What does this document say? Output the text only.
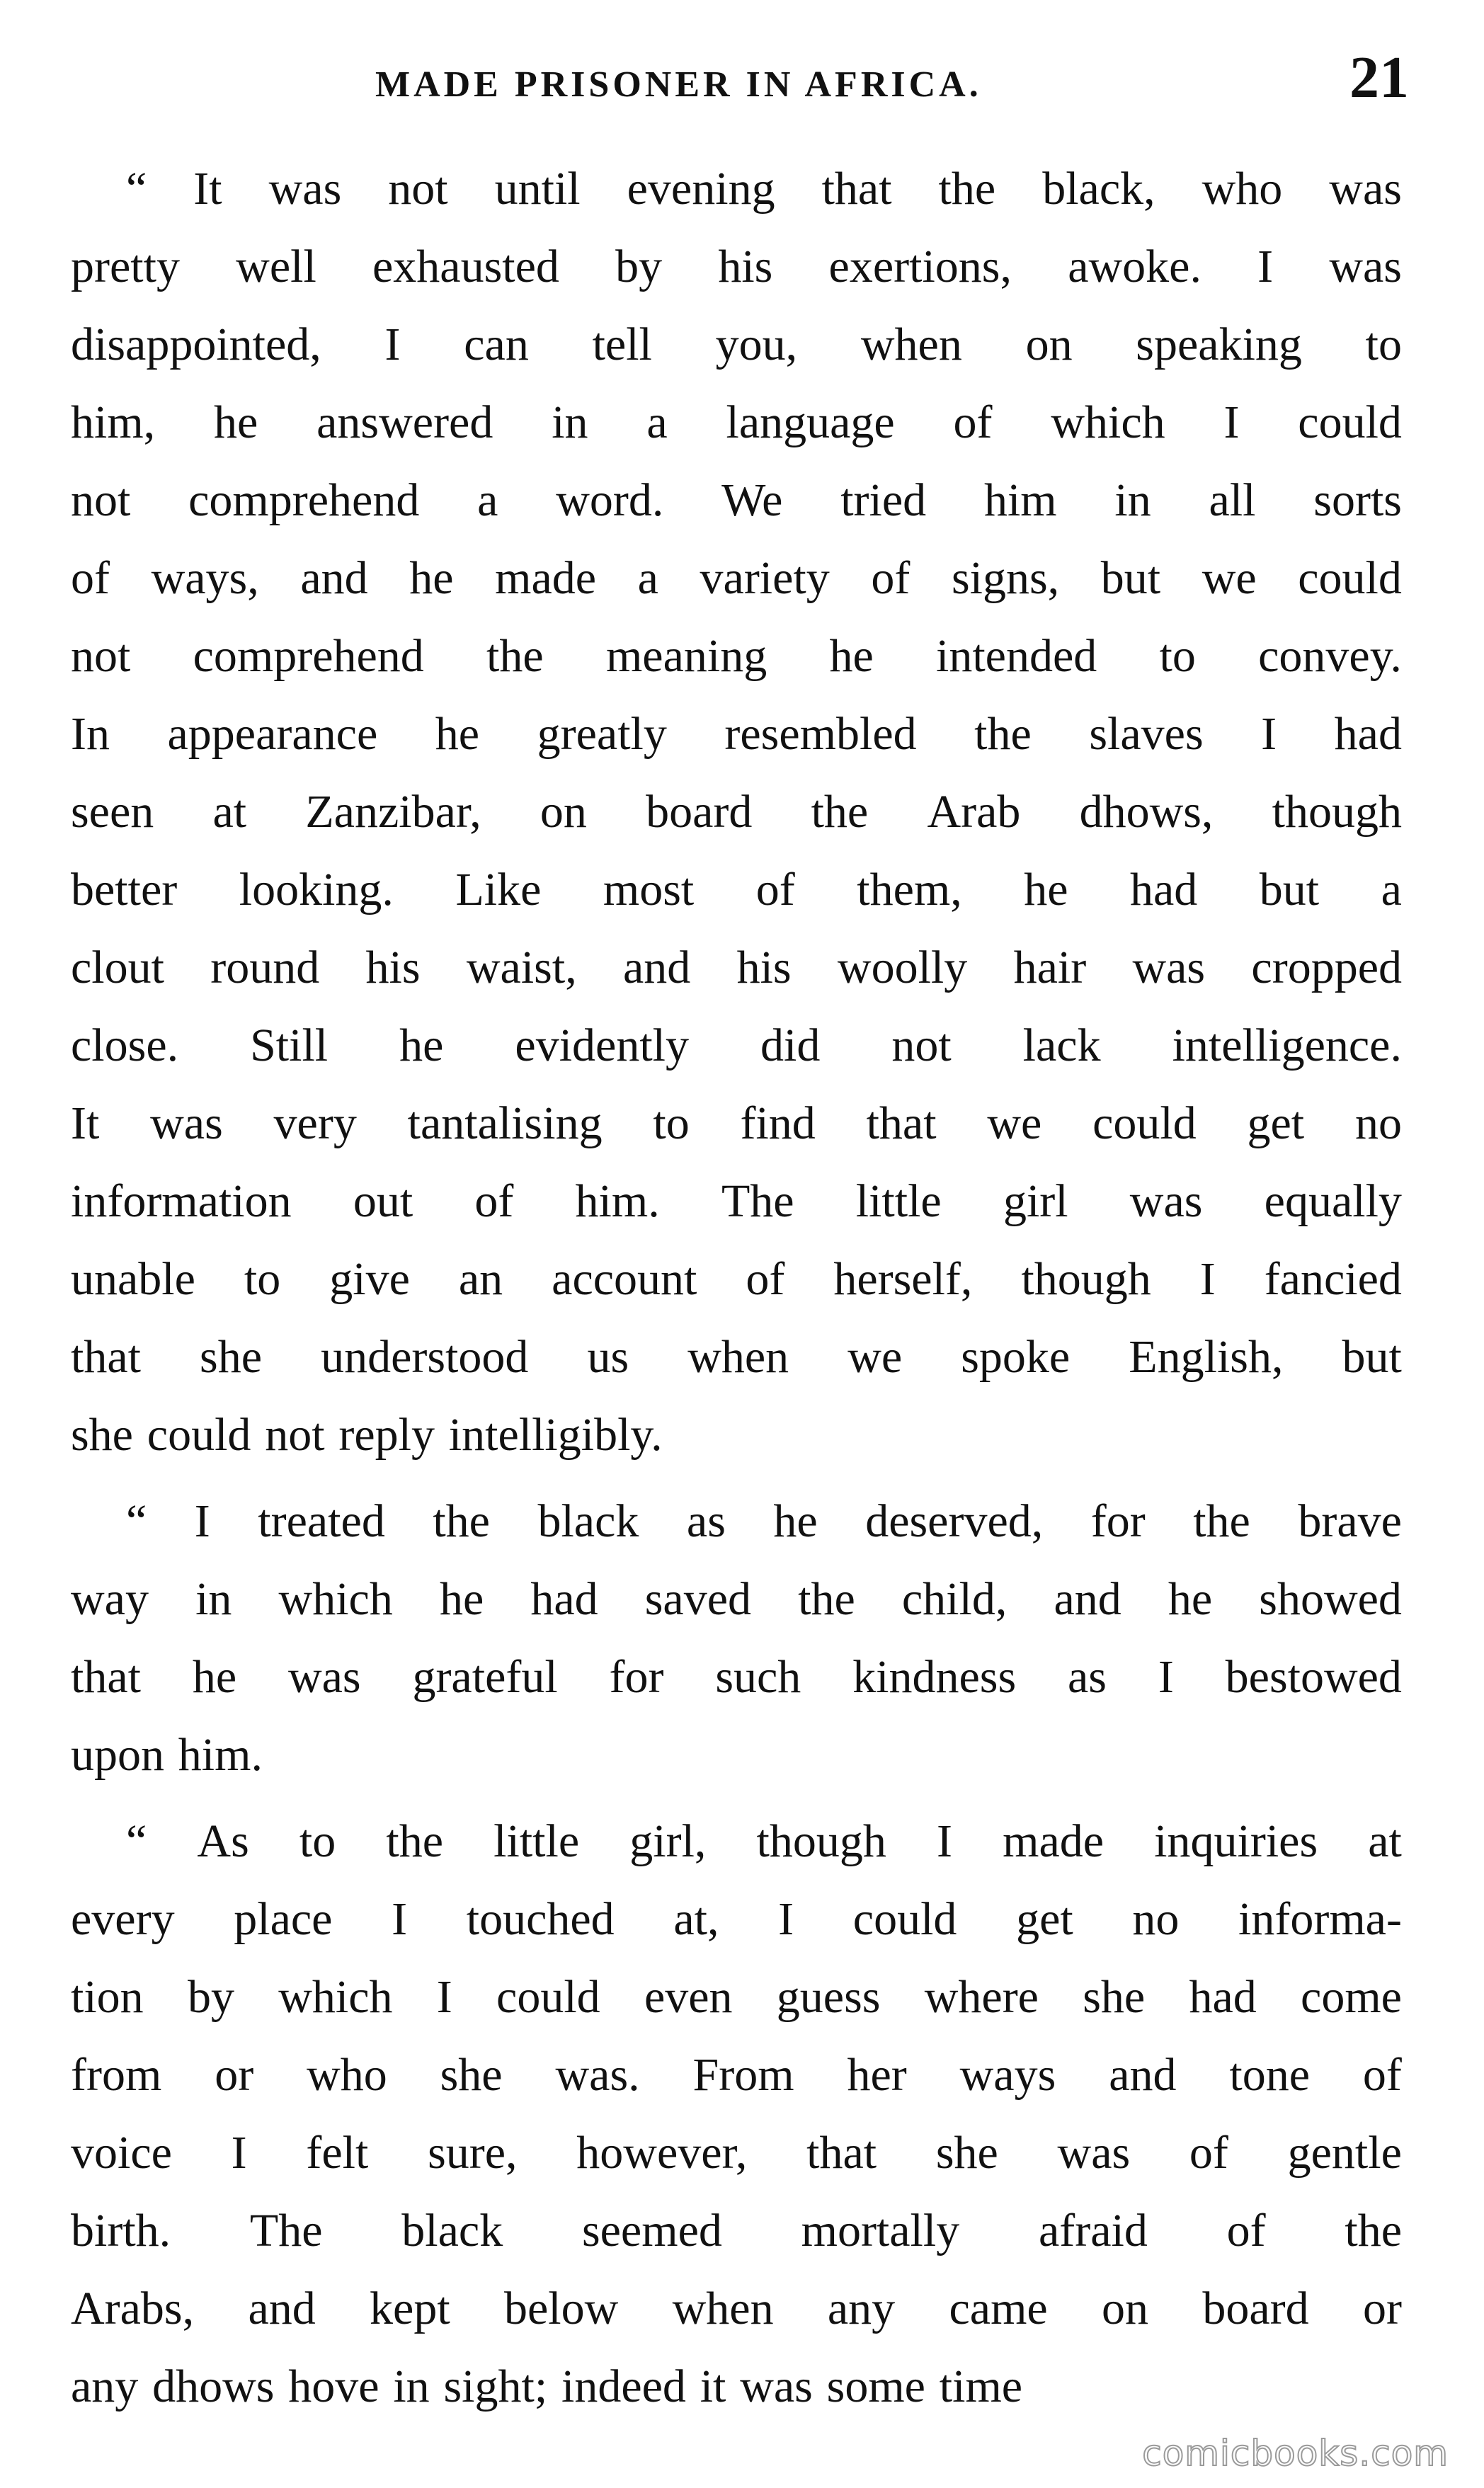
MADE PRISONER IN AFRICA.	21
“ It was not until evening that the black, who was
pretty well exhausted by his exertions, awoke. I was
disappointed, I can tell you, when on speaking to
him, he answered in a language of which I could
not comprehend a word. We tried him in all sorts
of ways, and he made a variety of signs, but we could
not comprehend the meaning he intended to convey.
In appearance he greatly resembled the slaves I had
seen at Zanzibar, on board the Arab dhows, though
better looking. Like most of them, he had but a
clout round his waist, and his woolly hair was cropped
close. Still he evidently did not lack intelligence.
It was very tantalising to find that we could get no
information out of him. The little girl was equally
unable to give an account of herself, though I fancied
that she understood us when we spoke English, but
she could not reply intelligibly.
“ I treated the black as he deserved, for the brave
way in which he had saved the child, and he showed
that he was grateful for such kindness as I bestowed
upon him.
“ As to the little girl, though I made inquiries at
every place I touched at, I could get no informa-
tion by which I could even guess where she had come
from or who she was. From her ways and tone of
voice I felt sure, however, that she was of gentle
birth. The black seemed mortally afraid of the
Arabs, and kept below when any came on board or
any dhows hove in sight; indeed it was some time
comicbooks.com
